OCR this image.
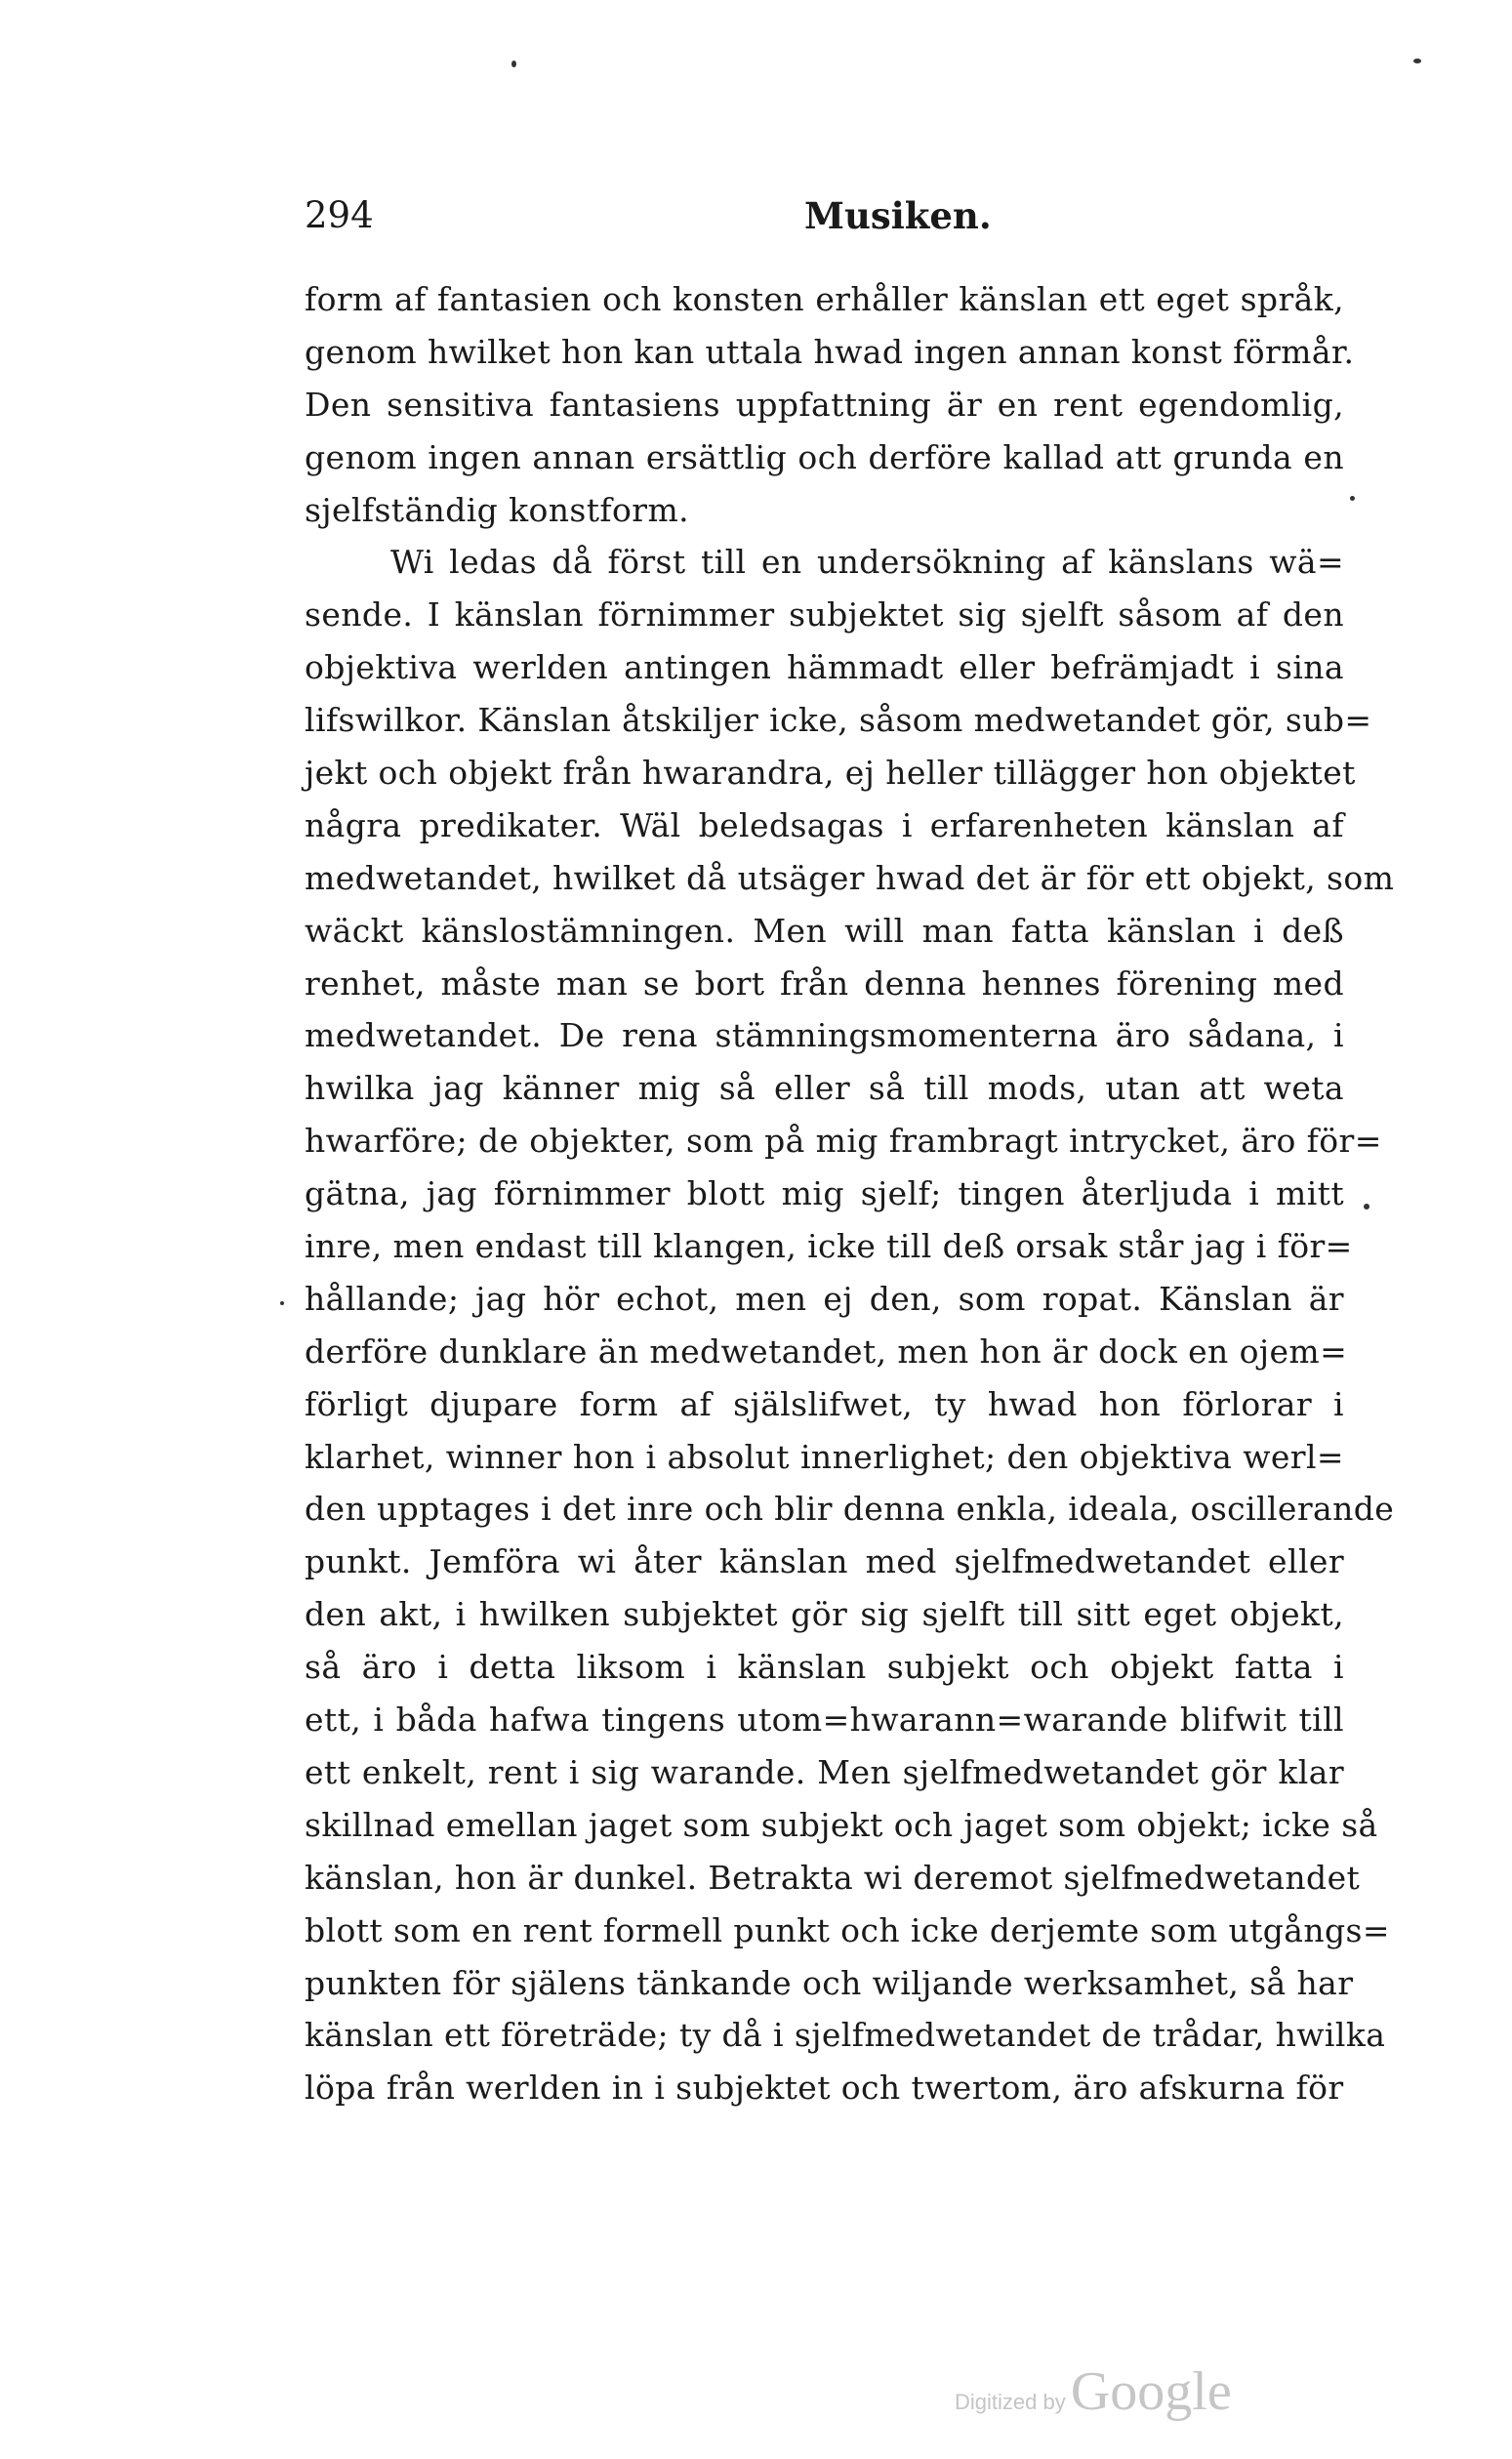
294	Musiken.
form af fantasien och konsten erhåller känslan ett eget språk,
genom hwilket hon kan uttala hwad ingen annan konst förmår.
Den sensitiva fantasiens uppfattning är en rent egendomlig,
genom ingen annan ersättlig och derföre kallad att grunda en
sjelfständig konstform.
Wi ledas då först till en undersökning af känslans wä=
sende. I känslan förnimmer subjektet sig sjelft såsom af den
objektiva werlden antingen hämmadt eller befrämjadt i sina
lifswilkor. Känslan åtskiljer icke, såsom medwetandet gör, sub=
jekt och objekt från hwarandra, ej heller tillägger hon objektet
några predikater. Wäl beledsagas i erfarenheten känslan af
medwetandet, hwilket då utsäger hwad det är för ett objekt, som
wäckt känslostämningen. Men will man fatta känslan i deß
renhet, måste man se bort från denna hennes förening med
medwetandet. De rena stämningsmomenterna äro sådana, i
hwilka jag känner mig så eller så till mods, utan att weta
hwarföre; de objekter, som på mig frambragt intrycket, äro för=
gätna, jag förnimmer blott mig sjelf; tingen återljuda i mitt
inre, men endast till klangen, icke till deß orsak står jag i för=
hållande; jag hör echot, men ej den, som ropat. Känslan är
derföre dunklare än medwetandet, men hon är dock en ojem=
förligt djupare form af själslifwet, ty hwad hon förlorar i
klarhet, winner hon i absolut innerlighet; den objektiva werl=
den upptages i det inre och blir denna enkla, ideala, oscillerande
punkt. Jemföra wi åter känslan med sjelfmedwetandet eller
den akt, i hwilken subjektet gör sig sjelft till sitt eget objekt,
så äro i detta liksom i känslan subjekt och objekt fatta i
ett, i båda hafwa tingens utom=hwarann=warande blifwit till
ett enkelt, rent i sig warande. Men sjelfmedwetandet gör klar
skillnad emellan jaget som subjekt och jaget som objekt; icke så
känslan, hon är dunkel. Betrakta wi deremot sjelfmedwetandet
blott som en rent formell punkt och icke derjemte som utgångs=
punkten för själens tänkande och wiljande werksamhet, så har
känslan ett företräde; ty då i sjelfmedwetandet de trådar, hwilka
löpa från werlden in i subjektet och twertom, äro afskurna för
Digitized by Google
